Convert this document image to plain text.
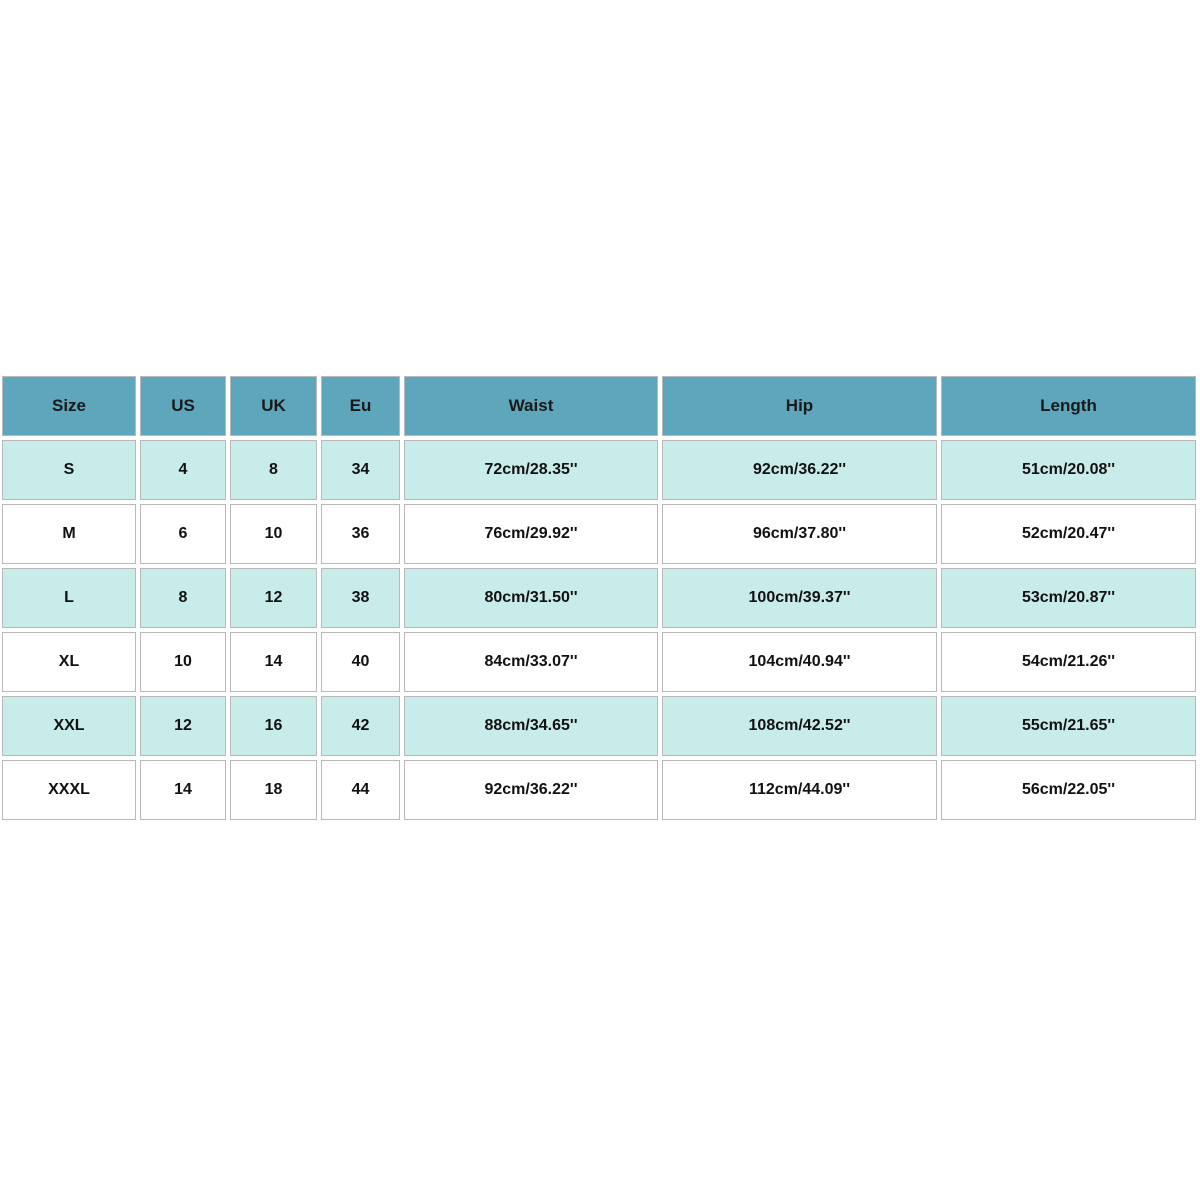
Size	US	UK	Eu	Waist	Hip	Length
S	4	8	34	72cm/28.35''	92cm/36.22''	51cm/20.08''
M	6	10	36	76cm/29.92''	96cm/37.80''	52cm/20.47''
L	8	12	38	80cm/31.50''	100cm/39.37''	53cm/20.87''
XL	10	14	40	84cm/33.07''	104cm/40.94''	54cm/21.26''
XXL	12	16	42	88cm/34.65''	108cm/42.52''	55cm/21.65''
XXXL	14	18	44	92cm/36.22''	112cm/44.09''	56cm/22.05''
